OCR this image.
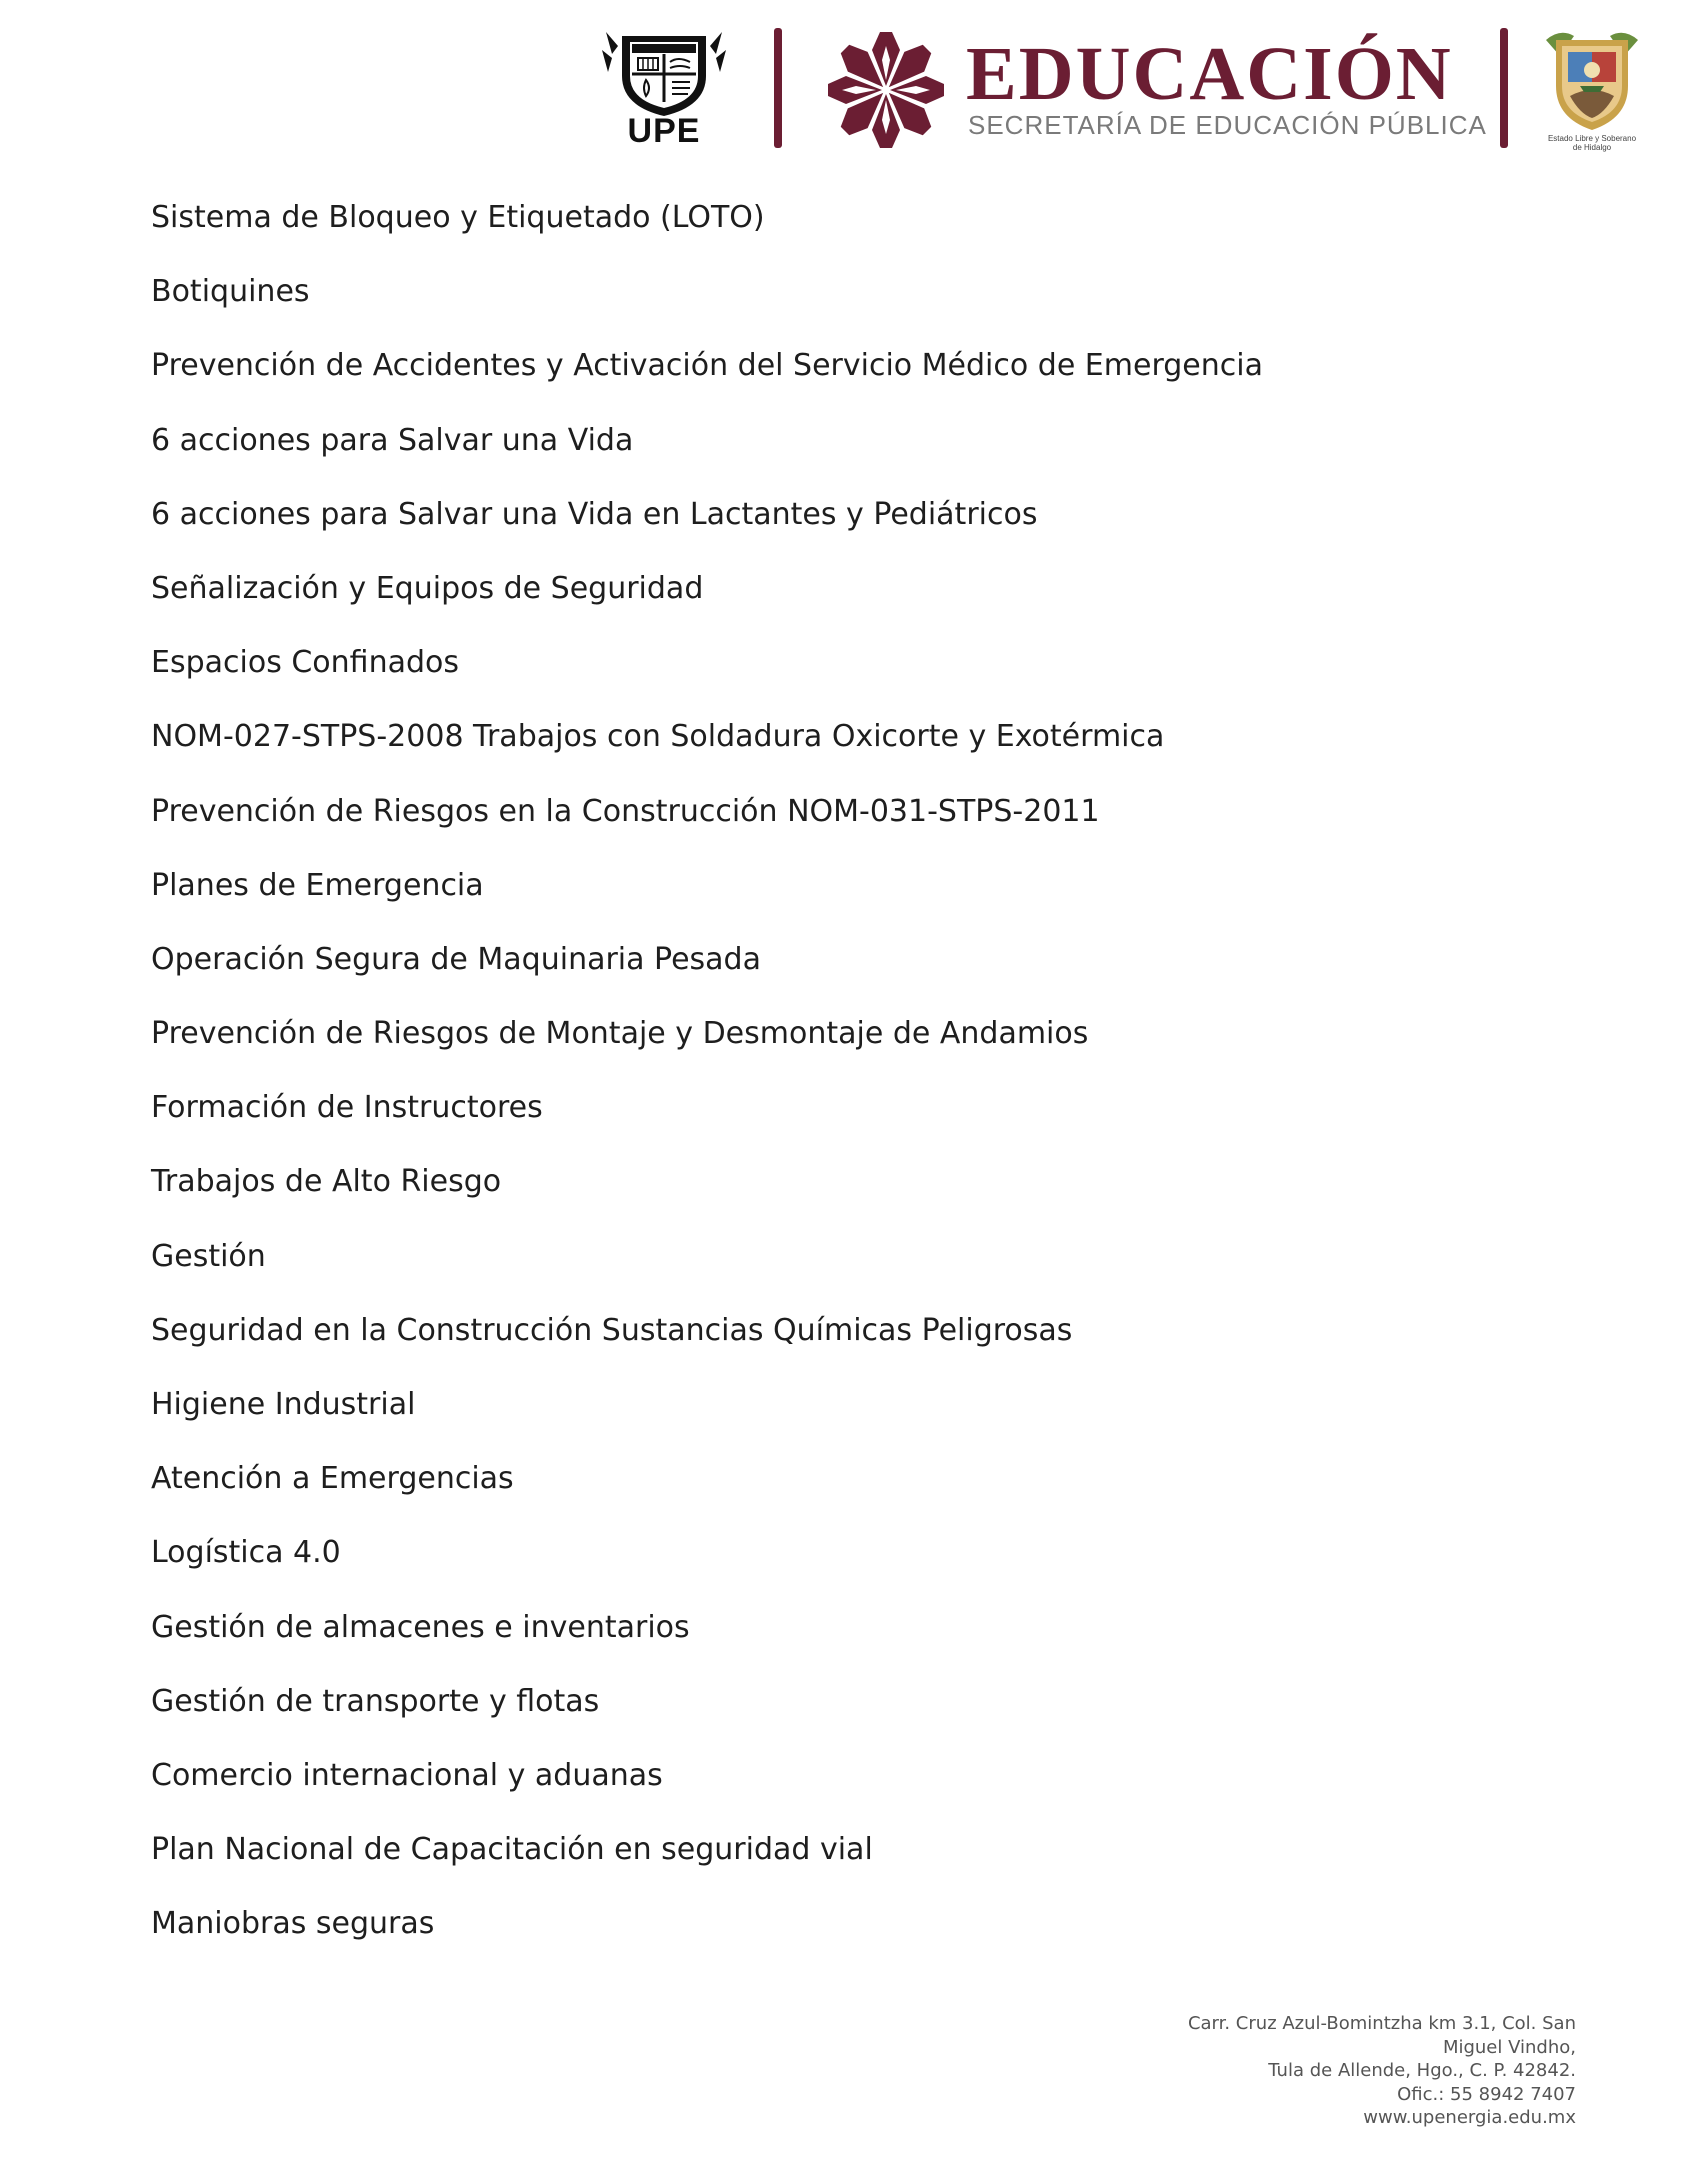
UPE
EDUCACIÓN
SECRETARÍA DE EDUCACIÓN PÚBLICA	Estado Libre y Soberano
de Hidalgo
Sistema de Bloqueo y Etiquetado (LOTO)
Botiquines
Prevención de Accidentes y Activación del Servicio Médico de Emergencia
6 acciones para Salvar una Vida
6 acciones para Salvar una Vida en Lactantes y Pediátricos
Señalización y Equipos de Seguridad
Espacios Confinados
NOM-027-STPS-2008 Trabajos con Soldadura Oxicorte y Exotérmica
Prevención de Riesgos en la Construcción NOM-031-STPS-2011
Planes de Emergencia
Operación Segura de Maquinaria Pesada
Prevención de Riesgos de Montaje y Desmontaje de Andamios
Formación de Instructores
Trabajos de Alto Riesgo
Gestión
Seguridad en la Construcción Sustancias Químicas Peligrosas
Higiene Industrial
Atención a Emergencias
Logística 4.0
Gestión de almacenes e inventarios
Gestión de transporte y flotas
Comercio internacional y aduanas
Plan Nacional de Capacitación en seguridad vial
Maniobras seguras
Carr. Cruz Azul-Bomintzha km 3.1, Col. San
Miguel Vindho,
Tula de Allende, Hgo., C. P. 42842.
Ofic.: 55 8942 7407
www.upenergia.edu.mx
